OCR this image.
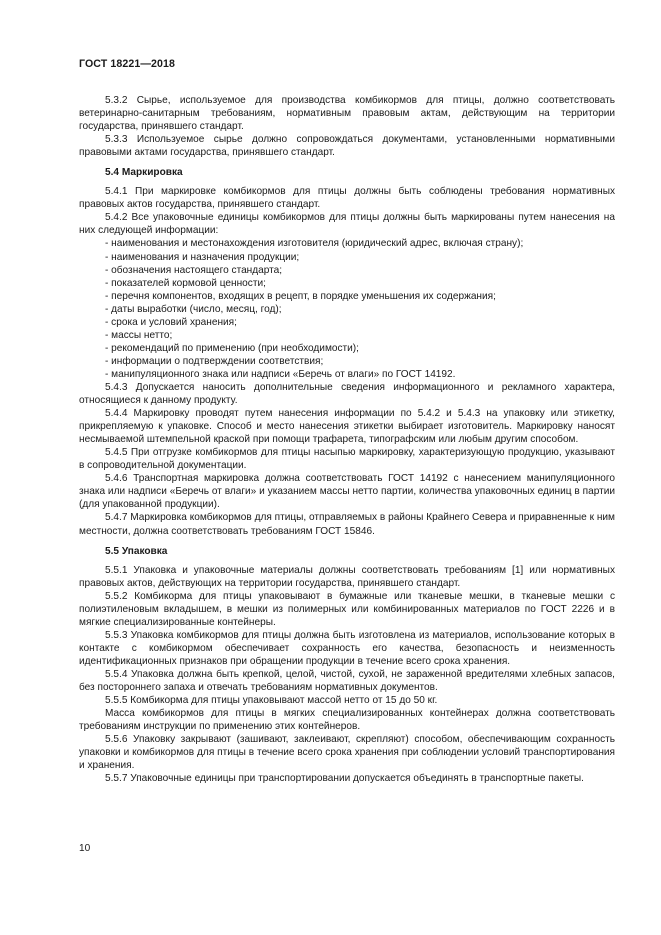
ГОСТ 18221—2018

5.3.2 Сырье, используемое для производства комбикормов для птицы, должно соответствовать ветеринарно-санитарным требованиям, нормативным правовым актам, действующим на территории государства, принявшего стандарт.

5.3.3 Используемое сырье должно сопровождаться документами, установленными нормативными правовыми актами государства, принявшего стандарт.

5.4 Маркировка

5.4.1 При маркировке комбикормов для птицы должны быть соблюдены требования нормативных правовых актов государства, принявшего стандарт.

5.4.2 Все упаковочные единицы комбикормов для птицы должны быть маркированы путем нанесения на них следующей информации:

- наименования и местонахождения изготовителя (юридический адрес, включая страну);

- наименования и назначения продукции;

- обозначения настоящего стандарта;

- показателей кормовой ценности;

- перечня компонентов, входящих в рецепт, в порядке уменьшения их содержания;

- даты выработки (число, месяц, год);

- срока и условий хранения;

- массы нетто;

- рекомендаций по применению (при необходимости);

- информации о подтверждении соответствия;

- манипуляционного знака или надписи «Беречь от влаги» по ГОСТ 14192.

5.4.3 Допускается наносить дополнительные сведения информационного и рекламного характера, относящиеся к данному продукту.

5.4.4 Маркировку проводят путем нанесения информации по 5.4.2 и 5.4.3 на упаковку или этикетку, прикрепляемую к упаковке. Способ и место нанесения этикетки выбирает изготовитель. Маркировку наносят несмываемой штемпельной краской при помощи трафарета, типографским или любым другим способом.

5.4.5 При отгрузке комбикормов для птицы насыпью маркировку, характеризующую продукцию, указывают в сопроводительной документации.

5.4.6 Транспортная маркировка должна соответствовать ГОСТ 14192 с нанесением манипуляционного знака или надписи «Беречь от влаги» и указанием массы нетто партии, количества упаковочных единиц в партии (для упакованной продукции).

5.4.7 Маркировка комбикормов для птицы, отправляемых в районы Крайнего Севера и приравненные к ним местности, должна соответствовать требованиям ГОСТ 15846.

5.5 Упаковка

5.5.1 Упаковка и упаковочные материалы должны соответствовать требованиям [1] или нормативных правовых актов, действующих на территории государства, принявшего стандарт.

5.5.2 Комбикорма для птицы упаковывают в бумажные или тканевые мешки, в тканевые мешки с полиэтиленовым вкладышем, в мешки из полимерных или комбинированных материалов по ГОСТ 2226 и в мягкие специализированные контейнеры.

5.5.3 Упаковка комбикормов для птицы должна быть изготовлена из материалов, использование которых в контакте с комбикормом обеспечивает сохранность его качества, безопасность и неизменность идентификационных признаков при обращении продукции в течение всего срока хранения.

5.5.4 Упаковка должна быть крепкой, целой, чистой, сухой, не зараженной вредителями хлебных запасов, без постороннего запаха и отвечать требованиям нормативных документов.

5.5.5 Комбикорма для птицы упаковывают массой нетто от 15 до 50 кг.

Масса комбикормов для птицы в мягких специализированных контейнерах должна соответствовать требованиям инструкции по применению этих контейнеров.

5.5.6 Упаковку закрывают (зашивают, заклеивают, скрепляют) способом, обеспечивающим сохранность упаковки и комбикормов для птицы в течение всего срока хранения при соблюдении условий транспортирования и хранения.

5.5.7 Упаковочные единицы при транспортировании допускается объединять в транспортные пакеты.

10
